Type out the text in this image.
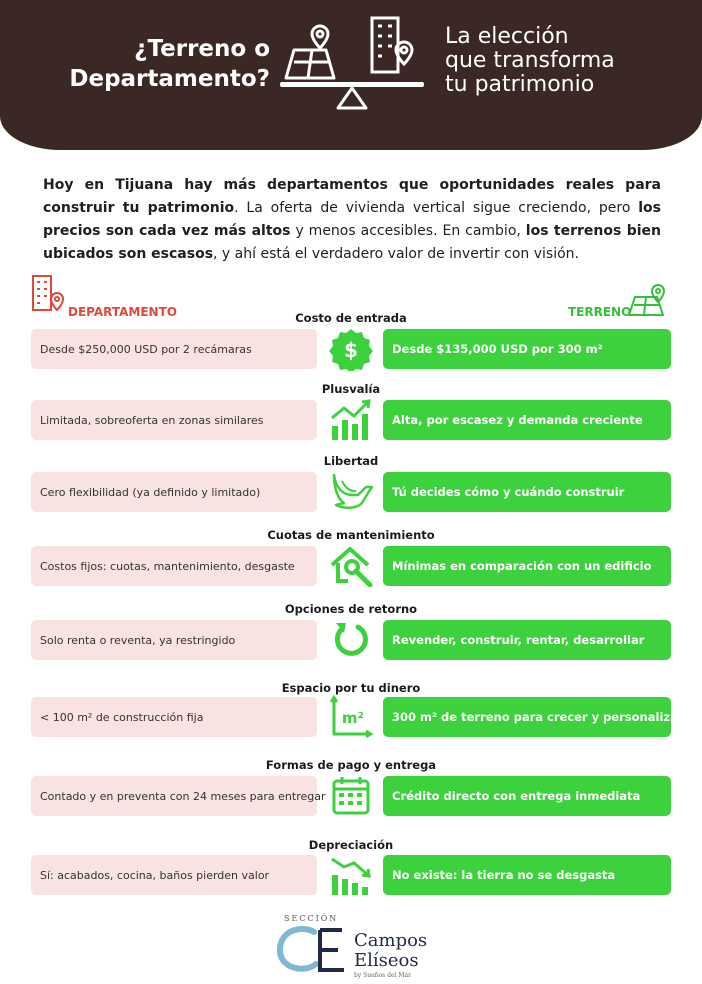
¿Terreno o
Departamento?
La elección
que transforma
tu patrimonio

Hoy en Tijuana hay más departamentos que oportunidades reales para construir tu patrimonio. La oferta de vivienda vertical sigue creciendo, pero los precios son cada vez más altos y menos accesibles. En cambio, los terrenos bien ubicados son escasos, y ahí está el verdadero valor de invertir con visión.

DEPARTAMENTO	TERRENO
Costo de entrada
Desde $250,000 USD por 2 recámaras	$	Desde $135,000 USD por 300 m²
Plusvalía
Limitada, sobreoferta en zonas similares	Alta, por escasez y demanda creciente
Libertad
Cero flexibilidad (ya definido y limitado)	Tú decides cómo y cuándo construir
Cuotas de mantenimiento
Costos fijos: cuotas, mantenimiento, desgaste	Mínimas en comparación con un edificio
Opciones de retorno
Solo renta o reventa, ya restringido	Revender, construir, rentar, desarrollar
Espacio por tu dinero
< 100 m² de construcción fija	m²	300 m² de terreno para crecer y personalizar
Formas de pago y entrega
Contado y en preventa con 24 meses para entregar	Crédito directo con entrega inmediata
Depreciación
Sí: acabados, cocina, baños pierden valor	No existe: la tierra no se desgasta
SECCIÓN
Campos
Elíseos
by Sueños del Mar
